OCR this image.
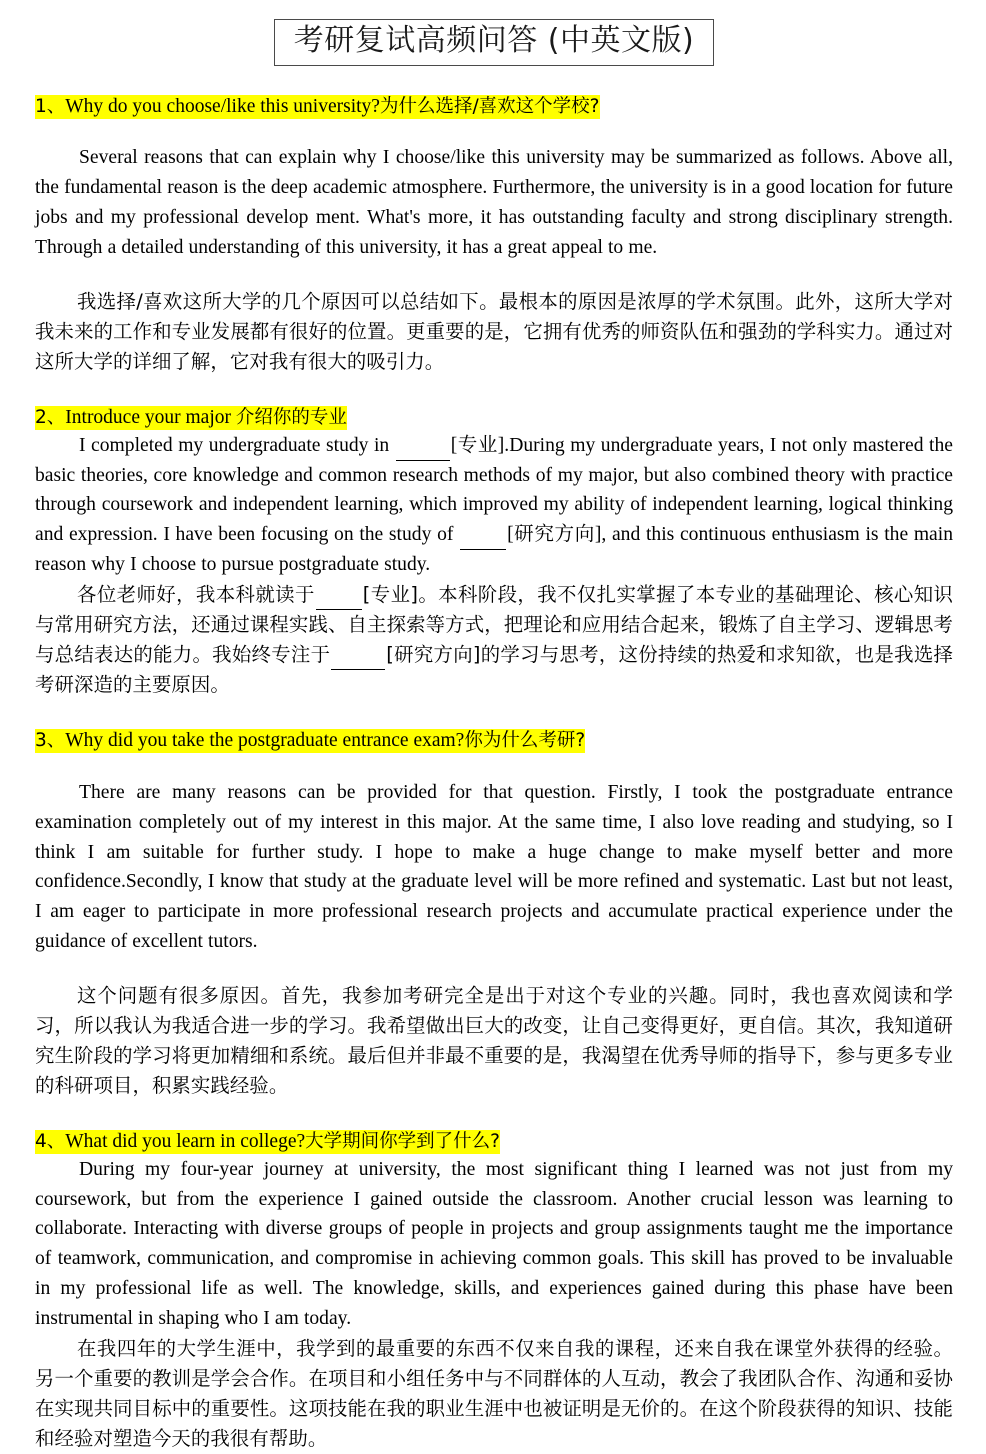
考研复试高频问答 (中英文版)
1、Why do you choose/like this university?为什么选择/喜欢这个学校?

Several reasons that can explain why I choose/like this university may be summarized as follows. Above all, the fundamental reason is the deep academic atmosphere. Furthermore, the university is in a good location for future jobs and my professional develop ment. What's more, it has outstanding faculty and strong disciplinary strength. Through a detailed understanding of this university, it has a great appeal to me.

我选择/喜欢这所大学的几个原因可以总结如下。最根本的原因是浓厚的学术氛围。此外，这所大学对我未来的工作和专业发展都有很好的位置。更重要的是，它拥有优秀的师资队伍和强劲的学科实力。通过对这所大学的详细了解，它对我有很大的吸引力。

2、Introduce your major 介绍你的专业

I completed my undergraduate study in	[专业].During my undergraduate years, I not only mastered the basic theories, core knowledge and common research methods of my major, but also combined theory with practice through coursework and independent learning, which improved my ability of independent learning, logical thinking and expression. I have been focusing on the study of [研究方向], and this continuous enthusiasm is the main reason why I choose to pursue postgraduate study.

各位老师好，我本科就读于 [专业]。本科阶段，我不仅扎实掌握了本专业的基础理论、核心知识与常用研究方法，还通过课程实践、自主探索等方式，把理论和应用结合起来，锻炼了自主学习、逻辑思考与总结表达的能力。我始终专注于	[研究方向]的学习与思考，这份持续的热爱和求知欲，也是我选择考研深造的主要原因。

3、Why did you take the postgraduate entrance exam?你为什么考研?

There are many reasons can be provided for that question. Firstly, I took the postgraduate entrance examination completely out of my interest in this major. At the same time, I also love reading and studying, so I think I am suitable for further study. I hope to make a huge change to make myself better and more confidence.Secondly, I know that study at the graduate level will be more refined and systematic. Last but not least, I am eager to participate in more professional research projects and accumulate practical experience under the guidance of excellent tutors.

这个问题有很多原因。首先，我参加考研完全是出于对这个专业的兴趣。同时，我也喜欢阅读和学习，所以我认为我适合进一步的学习。我希望做出巨大的改变，让自己变得更好，更自信。其次，我知道研究生阶段的学习将更加精细和系统。最后但并非最不重要的是，我渴望在优秀导师的指导下，参与更多专业的科研项目，积累实践经验。

4、What did you learn in college?大学期间你学到了什么?

During my four-year journey at university, the most significant thing I learned was not just from my coursework, but from the experience I gained outside the classroom. Another crucial lesson was learning to collaborate. Interacting with diverse groups of people in projects and group assignments taught me the importance of teamwork, communication, and compromise in achieving common goals. This skill has proved to be invaluable in my professional life as well. The knowledge, skills, and experiences gained during this phase have been instrumental in shaping who I am today.

在我四年的大学生涯中，我学到的最重要的东西不仅来自我的课程，还来自我在课堂外获得的经验。另一个重要的教训是学会合作。在项目和小组任务中与不同群体的人互动，教会了我团队合作、沟通和妥协在实现共同目标中的重要性。这项技能在我的职业生涯中也被证明是无价的。在这个阶段获得的知识、技能和经验对塑造今天的我很有帮助。
